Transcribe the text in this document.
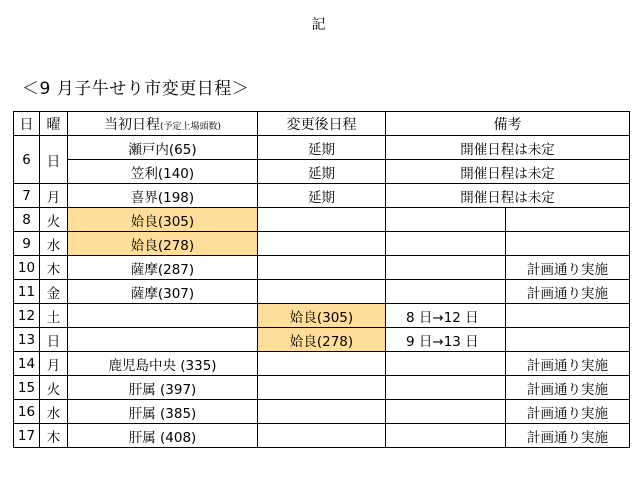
記
＜9 月子牛せり市変更日程＞
日	曜	当初日程(予定上場頭数)	変更後日程	備考	
6	日	瀬戸内(65)	延期	開催日程は未定	
		笠利(140)	延期	開催日程は未定	
7	月	喜界(198)	延期	開催日程は未定	
8	火	姶良(305)			
9	水	姶良(278)			
10	木	薩摩(287)			計画通り実施
11	金	薩摩(307)			計画通り実施
12	土		姶良(305)	8 日→12 日	
13	日		姶良(278)	9 日→13 日	
14	月	鹿児島中央 (335)			計画通り実施
15	火	肝属 (397)			計画通り実施
16	水	肝属 (385)			計画通り実施
17	木	肝属 (408)			計画通り実施
